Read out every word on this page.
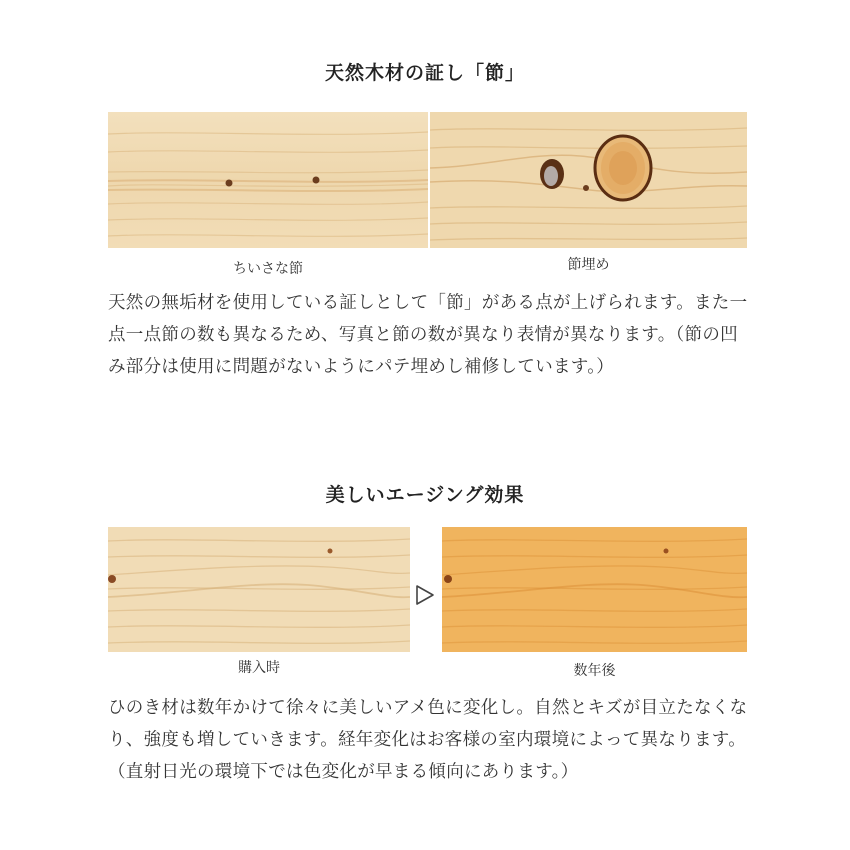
天然木材の証し「節」
ちいさな節	節埋め

天然の無垢材を使用している証しとして「節」がある点が上げられます。また一点一点節の数も異なるため、写真と節の数が異なり表情が異なります。（節の凹み部分は使用に問題がないようにパテ埋めし補修しています。）

美しいエージング効果
購入時	数年後

ひのき材は数年かけて徐々に美しいアメ色に変化し。自然とキズが目立たなくなり、強度も増していきます。経年変化はお客様の室内環境によって異なります。（直射日光の環境下では色変化が早まる傾向にあります。）
